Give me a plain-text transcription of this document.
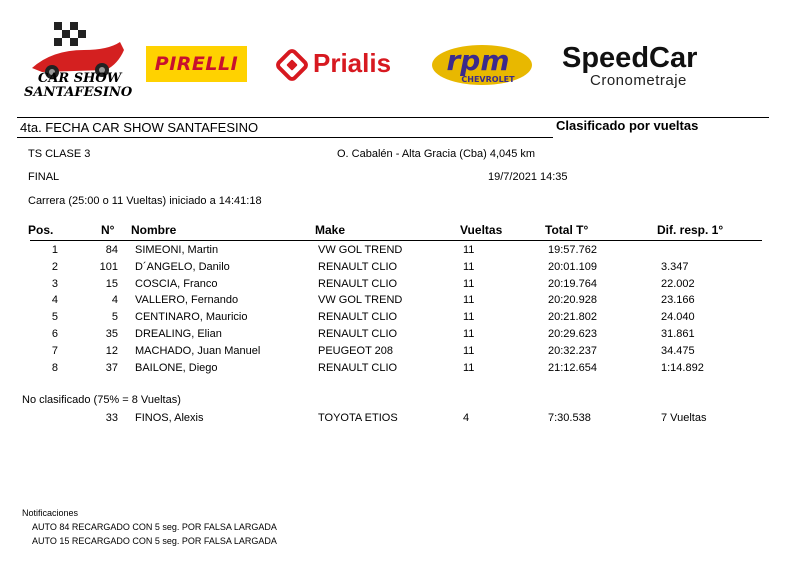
CAR SHOW
SANTAFESINO
PIRELLI	Prialis rpm
CHEVROLET
SpeedCar
Cronometraje
4ta. FECHA CAR SHOW SANTAFESINO	Clasificado por vueltas
TS CLASE 3	O. Cabalén - Alta Gracia (Cba) 4,045 km
FINAL	19/7/2021 14:35
Carrera (25:00 o 11 Vueltas) iniciado a 14:41:18
Pos.	N° Nombre	Make	Vueltas	Total T°	Dif. resp. 1°
1	84 SIMEONI, Martin	VW GOL TREND	11	19:57.762
2	101 D´ANGELO, Danilo	RENAULT CLIO	11	20:01.109	3.347
3	15 COSCIA, Franco	RENAULT CLIO	11	20:19.764	22.002
4	4 VALLERO, Fernando	VW GOL TREND	11	20:20.928	23.166
5	5 CENTINARO, Mauricio	RENAULT CLIO	11	20:21.802	24.040
6	35 DREALING, Elian	RENAULT CLIO	11	20:29.623	31.861
7	12 MACHADO, Juan Manuel	PEUGEOT 208	11	20:32.237	34.475
8	37 BAILONE, Diego	RENAULT CLIO	11	21:12.654	1:14.892
No clasificado (75% = 8 Vueltas)
33 FINOS, Alexis	TOYOTA ETIOS	4	7:30.538	7 Vueltas
Notificaciones
AUTO 84 RECARGADO CON 5 seg. POR FALSA LARGADA
AUTO 15 RECARGADO CON 5 seg. POR FALSA LARGADA
